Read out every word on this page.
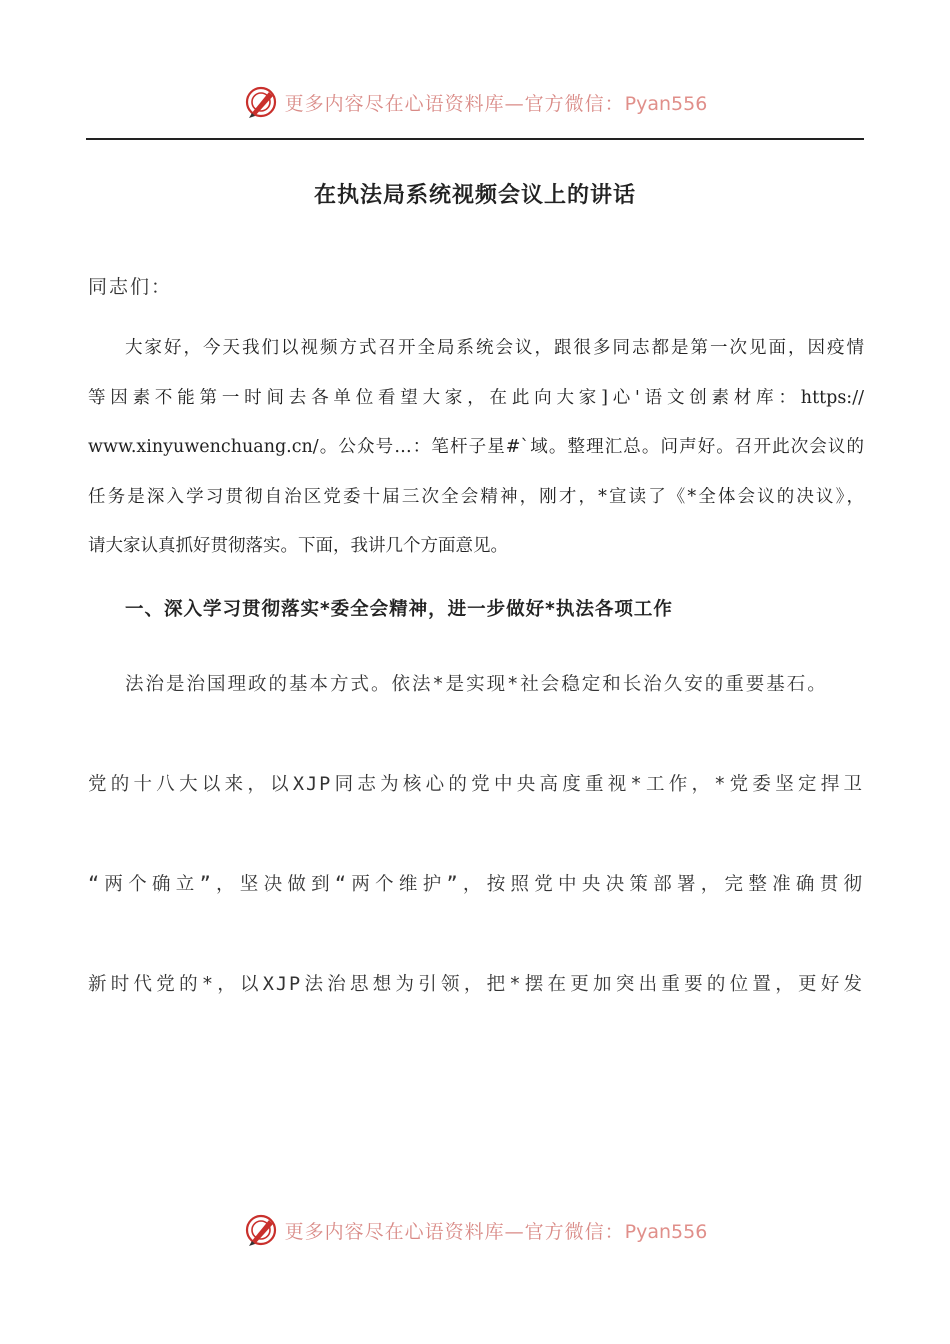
更多内容尽在心语资料库—官方微信：Pyan556
在执法局系统视频会议上的讲话
同志们：
大家好，今天我们以视频方式召开全局系统会议，跟很多同志都是第一次见面，因疫情
等因素不能第一时间去各单位看望大家，在此向大家]心'语文创素材库：https://
www.xinyuwenchuang.cn/。公众号…：笔杆子星#`域。整理汇总。问声好。召开此次会议的
任务是深入学习贯彻自治区党委十届三次全会精神，刚才，*宣读了《*全体会议的决议》，
请大家认真抓好贯彻落实。下面，我讲几个方面意见。
一、深入学习贯彻落实*委全会精神，进一步做好*执法各项工作
法治是治国理政的基本方式。依法*是实现*社会稳定和长治久安的重要基石。
党的十八大以来，以XJP同志为核心的党中央高度重视*工作，*党委坚定捍卫
“两个确立”，坚决做到“两个维护”，按照党中央决策部署，完整准确贯彻
新时代党的*，以XJP法治思想为引领，把*摆在更加突出重要的位置，更好发
更多内容尽在心语资料库—官方微信：Pyan556
